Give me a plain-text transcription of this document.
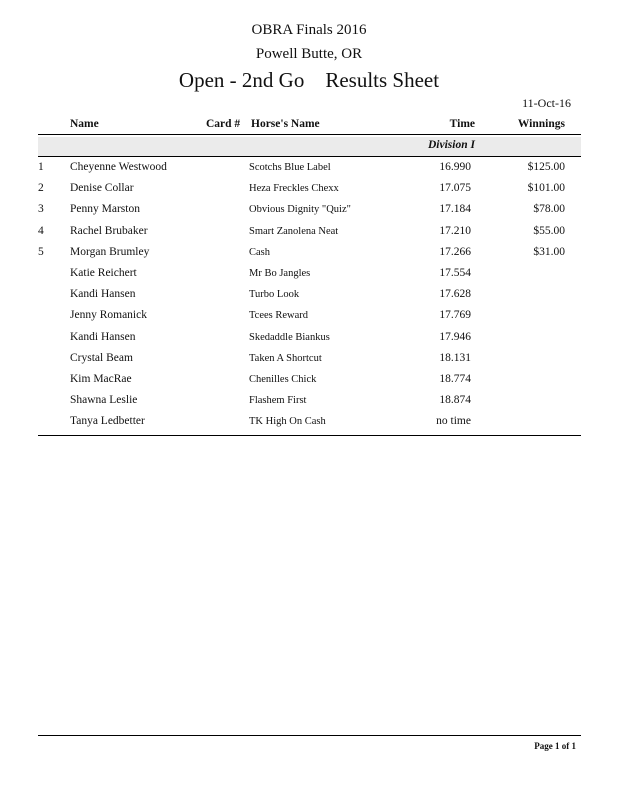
OBRA Finals 2016
Powell Butte, OR
Open - 2nd Go    Results Sheet
11-Oct-16
Name	Card # Horse's Name	Time	Winnings
Division I
1 Cheyenne Westwood	Scotchs Blue Label	16.990	$125.00
2 Denise Collar	Heza Freckles Chexx	17.075	$101.00
3 Penny Marston	Obvious Dignity "Quiz"	17.184	$78.00
4 Rachel Brubaker	Smart Zanolena Neat	17.210	$55.00
5 Morgan Brumley	Cash	17.266	$31.00
Katie Reichert	Mr Bo Jangles	17.554
Kandi Hansen	Turbo Look	17.628
Jenny Romanick	Tcees Reward	17.769
Kandi Hansen	Skedaddle Biankus	17.946
Crystal Beam	Taken A Shortcut	18.131
Kim MacRae	Chenilles Chick	18.774
Shawna Leslie	Flashem First	18.874
Tanya Ledbetter	TK High On Cash	no time
Page 1 of 1
